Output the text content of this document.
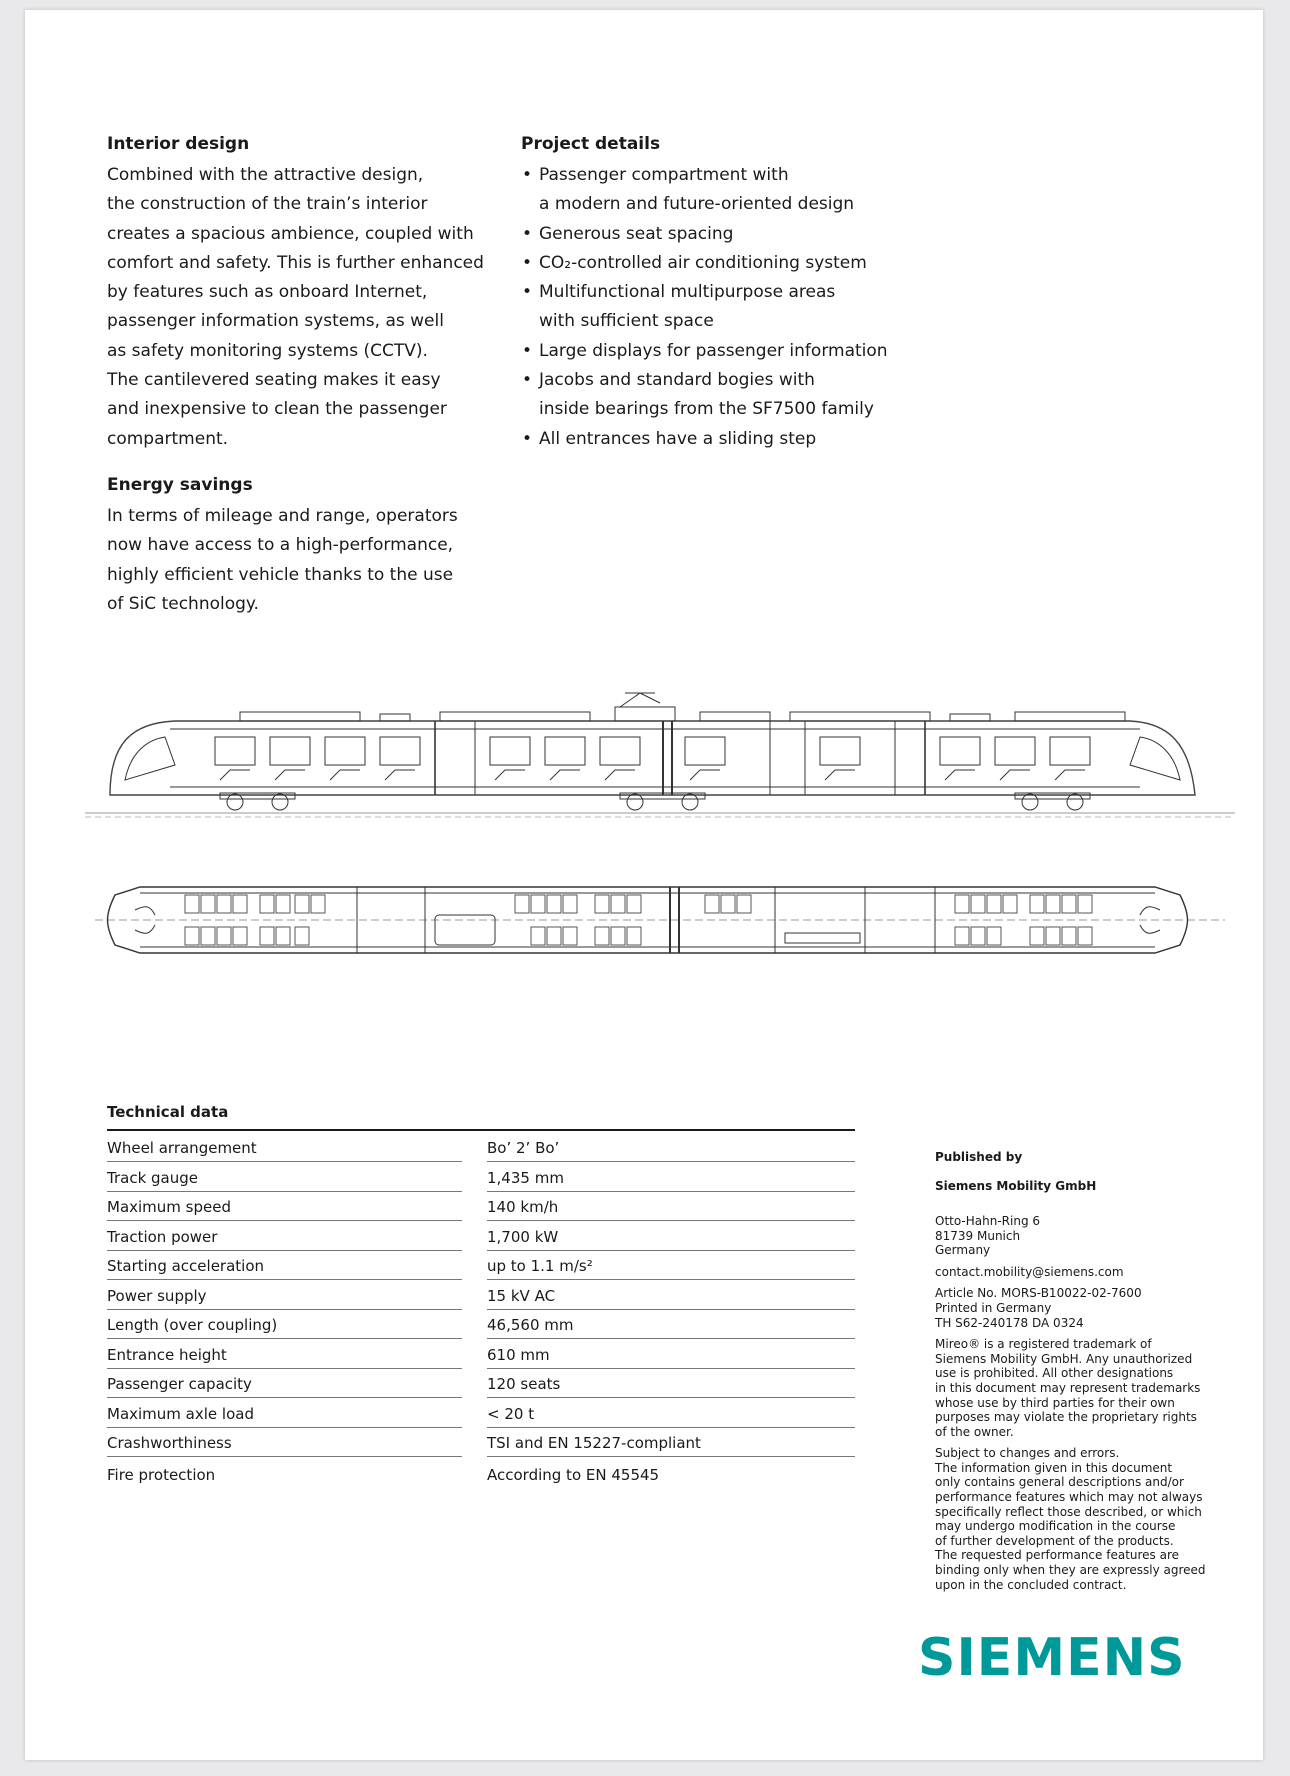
Interior design

Combined with the attractive design,
the construction of the train’s interior
creates a spacious ambience, coupled with
comfort and safety. This is further enhanced
by features such as onboard Internet,
passenger information systems, as well
as safety monitoring systems (CCTV).
The cantilevered seating makes it easy
and inexpensive to clean the passenger
compartment.

Energy savings

In terms of mileage and range, operators
now have access to a high-performance,
highly efficient vehicle thanks to the use
of SiC technology.

Project details
• Passenger compartment with
a modern and future-oriented design
• Generous seat spacing
• CO₂-controlled air conditioning system
• Multifunctional multipurpose areas
with sufficient space
• Large displays for passenger information
• Jacobs and standard bogies with
inside bearings from the SF7500 family
• All entrances have a sliding step
Technical data
Wheel arrangement	Bo’ 2’ Bo’

Track gauge	1,435 mm

Maximum speed	140 km/h

Traction power	1,700 kW

Starting acceleration	up to 1.1 m/s²

Power supply	15 kV AC

Length (over coupling)	46,560 mm

Entrance height	610 mm

Passenger capacity	120 seats

Maximum axle load	< 20 t

Crashworthiness	TSI and EN 15227-compliant

Fire protection	According to EN 45545

Published by

Siemens Mobility GmbH

Otto-Hahn-Ring 6
81739 Munich
Germany
contact.mobility@siemens.com
Article No. MORS-B10022-02-7600
Printed in Germany
TH S62-240178 DA 0324
Mireo® is a registered trademark of
Siemens Mobility GmbH. Any unauthorized
use is prohibited. All other designations
in this document may represent trademarks
whose use by third parties for their own
purposes may violate the proprietary rights
of the owner.
Subject to changes and errors.
The information given in this document
only contains general descriptions and/or
performance features which may not always
specifically reflect those described, or which
may undergo modification in the course
of further development of the products.
The requested performance features are
binding only when they are expressly agreed
upon in the concluded contract.
SIEMENS
